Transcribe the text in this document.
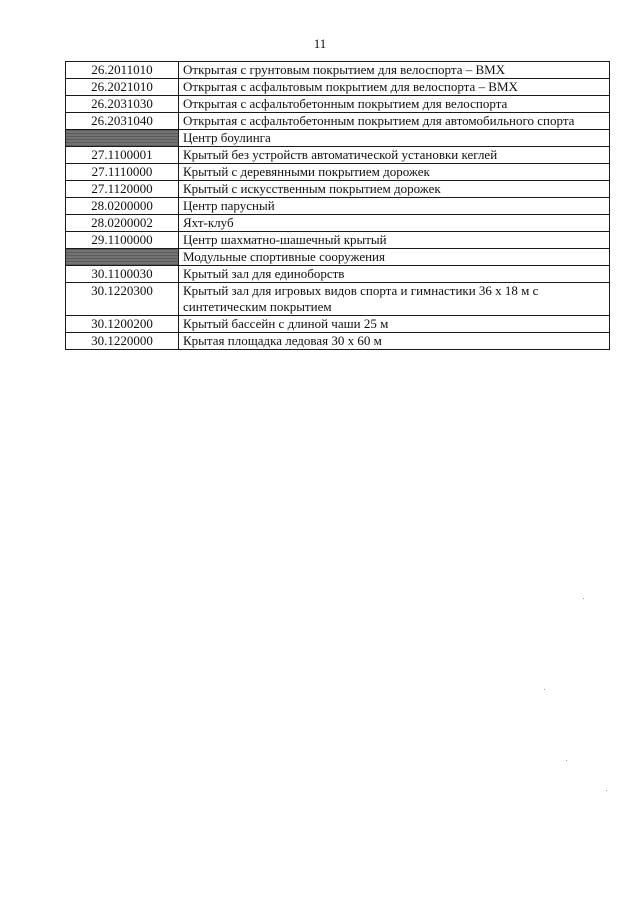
11
26.2011010	Открытая с грунтовым покрытием для велоспорта – BMX
26.2021010	Открытая с асфальтовым покрытием для велоспорта – BMX
26.2031030	Открытая с асфальтобетонным покрытием для велоспорта
26.2031040	Открытая с асфальтобетонным покрытием для автомобильного спорта
	Центр боулинга
27.1100001	Крытый без устройств автоматической установки кеглей
27.1110000	Крытый с деревянными покрытием дорожек
27.1120000	Крытый с искусственным покрытием дорожек
28.0200000	Центр парусный
28.0200002	Яхт-клуб
29.1100000	Центр шахматно-шашечный крытый
	Модульные спортивные сооружения
30.1100030	Крытый зал для единоборств
30.1220300	Крытый зал для игровых видов спорта и гимнастики 36 х 18 м с синтетическим покрытием
30.1200200	Крытый бассейн с длиной чаши 25 м
30.1220000	Крытая площадка ледовая 30 х 60 м
